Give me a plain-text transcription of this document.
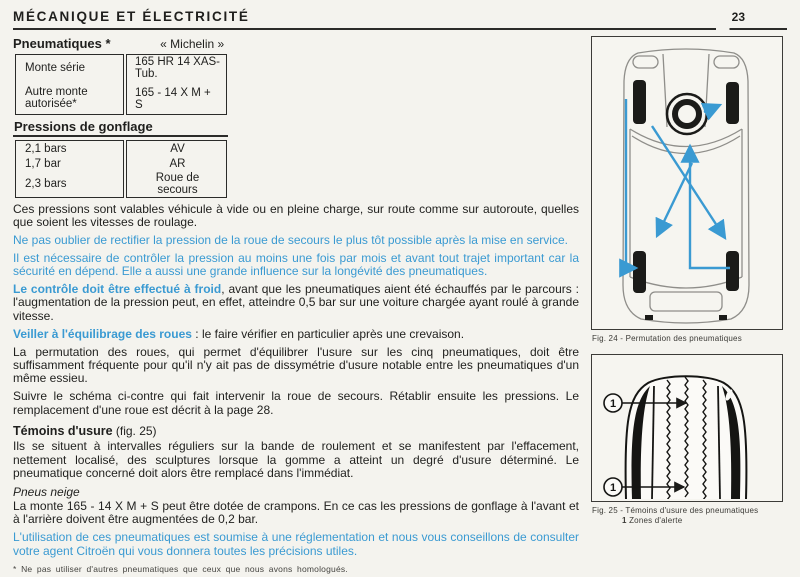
MÉCANIQUE ET ÉLECTRICITÉ	23
Pneumatiques *	« Michelin »
Monte série	165 HR 14 XAS-Tub.
Autre monte autorisée*	165 - 14 X M + S
Pressions de gonflage
2,1 bars	AV
1,7 bar	AR
2,3 bars	Roue de secours

Ces pressions sont valables véhicule à vide ou en pleine charge, sur route comme sur autoroute, quelles que soient les vitesses de roulage.

Ne pas oublier de rectifier la pression de la roue de secours le plus tôt possible après la mise en service.

Il est nécessaire de contrôler la pression au moins une fois par mois et avant tout trajet important car la sécurité en dépend. Elle a aussi une grande influence sur la longévité des pneumatiques.

Le contrôle doit être effectué à froid, avant que les pneumatiques aient été échauffés par le parcours : l'augmentation de la pression peut, en effet, atteindre 0,5 bar sur une voiture chargée ayant roulé à grande vitesse.

Veiller à l'équilibrage des roues : le faire vérifier en particulier après une crevaison.

La permutation des roues, qui permet d'équilibrer l'usure sur les cinq pneumatiques, doit être suffisamment fréquente pour qu'il n'y ait pas de dissymétrie d'usure notable entre les pneumatiques d'un même essieu.

Suivre le schéma ci-contre qui fait intervenir la roue de secours. Rétablir ensuite les pressions. Le remplacement d'une roue est décrit à la page 28.

Témoins d'usure (fig. 25)

Ils se situent à intervalles réguliers sur la bande de roulement et se manifestent par l'effacement, nettement localisé, des sculptures lorsque la gomme a atteint un degré d'usure déterminé. Le pneumatique concerné doit alors être remplacé dans l'immédiat.

Pneus neige

La monte 165 - 14 X M + S peut être dotée de crampons. En ce cas les pressions de gonflage à l'avant et à l'arrière doivent être augmentées de 0,2 bar.

L'utilisation de ces pneumatiques est soumise à une réglementation et nous vous conseillons de consulter votre agent Citroën qui vous donnera toutes les précisions utiles.

* Ne pas utiliser d'autres pneumatiques que ceux que nous avons homologués.
Fig. 24 - Permutation des pneumatiques
1
1
Fig. 25 - Témoins d'usure des pneumatiques
1 Zones d'alerte
